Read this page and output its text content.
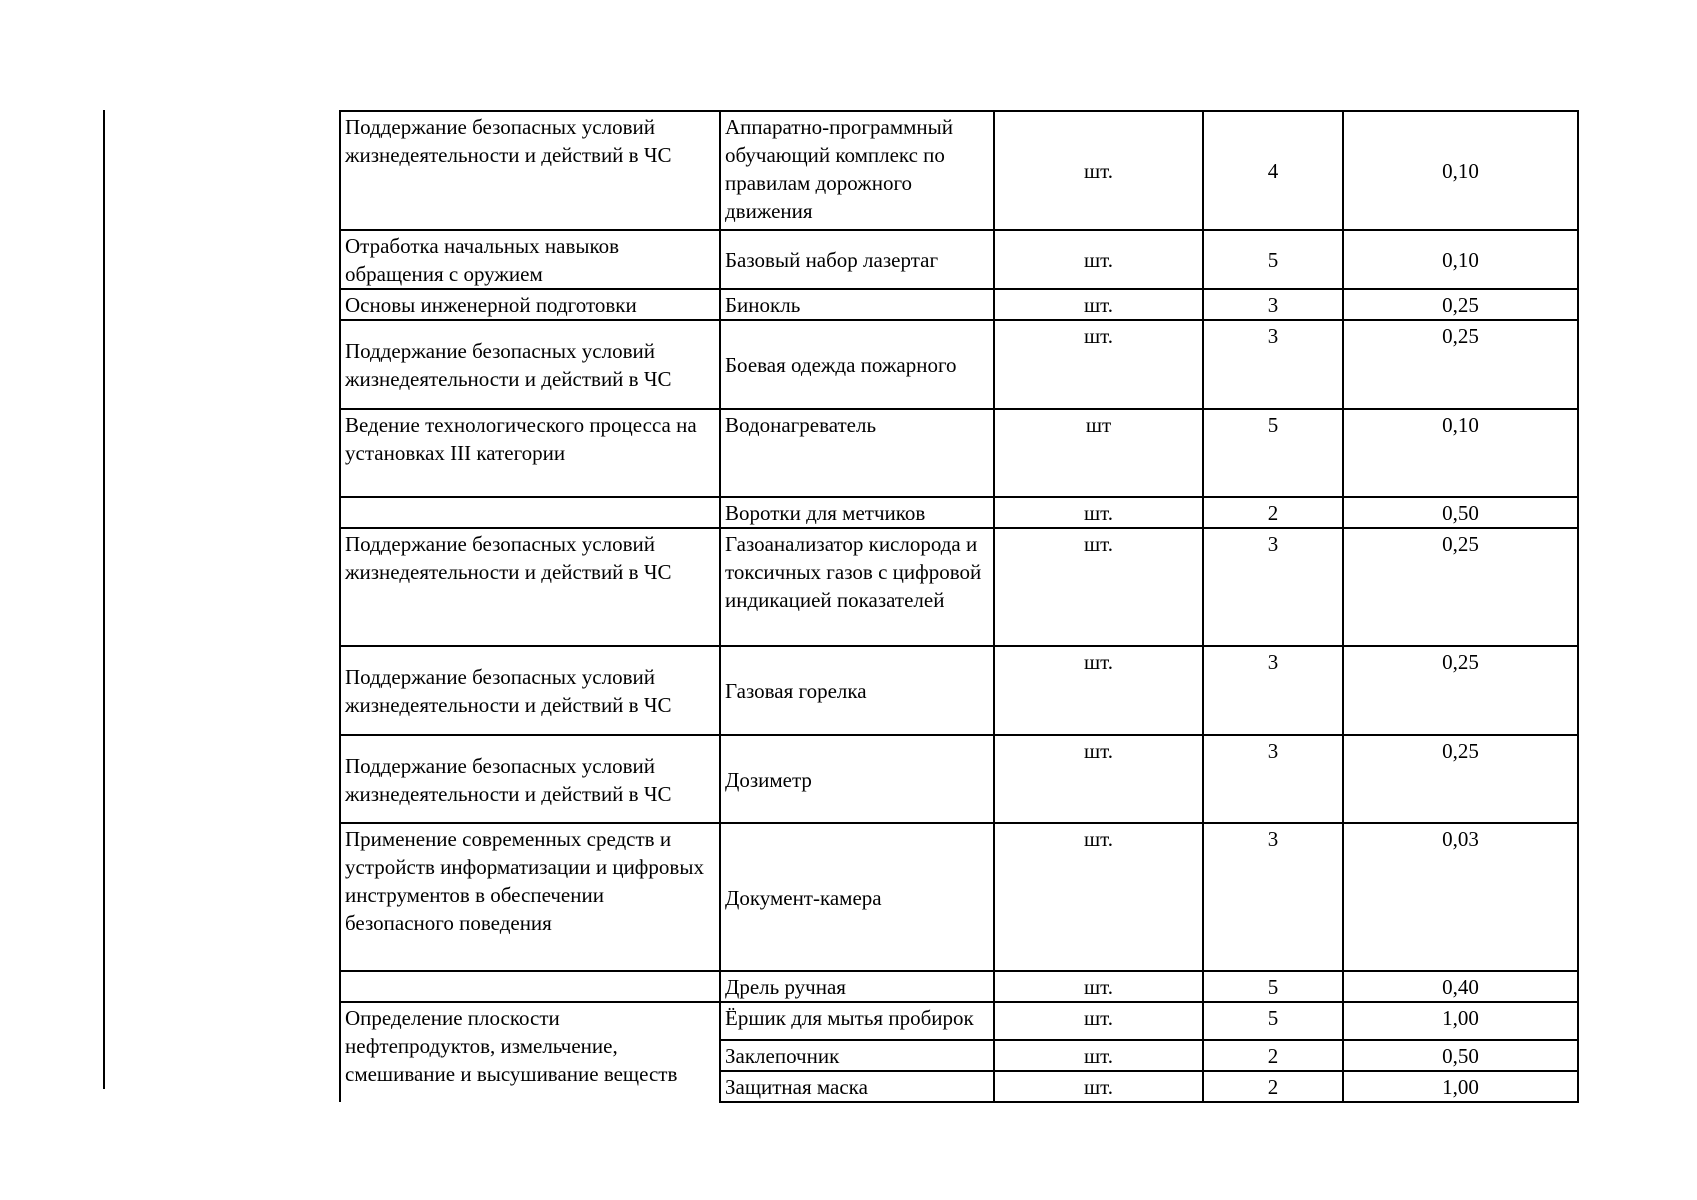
Поддержание безопасных условий жизнедеятельности и действий в ЧС	Аппаратно-программный обучающий комплекс по правилам дорожного движения	шт.	4	0,10
Отработка начальных навыков обращения с оружием	Базовый набор лазертаг	шт.	5	0,10
Основы инженерной подготовки	Бинокль	шт.	3	0,25
Поддержание безопасных условий жизнедеятельности и действий в ЧС	Боевая одежда пожарного	шт.	3	0,25
Ведение технологического процесса на установках III категории	Водонагреватель	шт	5	0,10
	Воротки для метчиков	шт.	2	0,50
Поддержание безопасных условий жизнедеятельности и действий в ЧС	Газоанализатор кислорода и токсичных газов с цифровой индикацией показателей	шт.	3	0,25
Поддержание безопасных условий жизнедеятельности и действий в ЧС	Газовая горелка	шт.	3	0,25
Поддержание безопасных условий жизнедеятельности и действий в ЧС	Дозиметр	шт.	3	0,25
Применение современных средств и устройств информатизации и цифровых инструментов в обеспечении безопасного поведения	Документ-камера	шт.	3	0,03
	Дрель ручная	шт.	5	0,40
Определение плоскости нефтепродуктов, измельчение, смешивание и высушивание веществ	Ёршик для мытья пробирок	шт.	5	1,00
	Заклепочник	шт.	2	0,50
	Защитная маска	шт.	2	1,00
